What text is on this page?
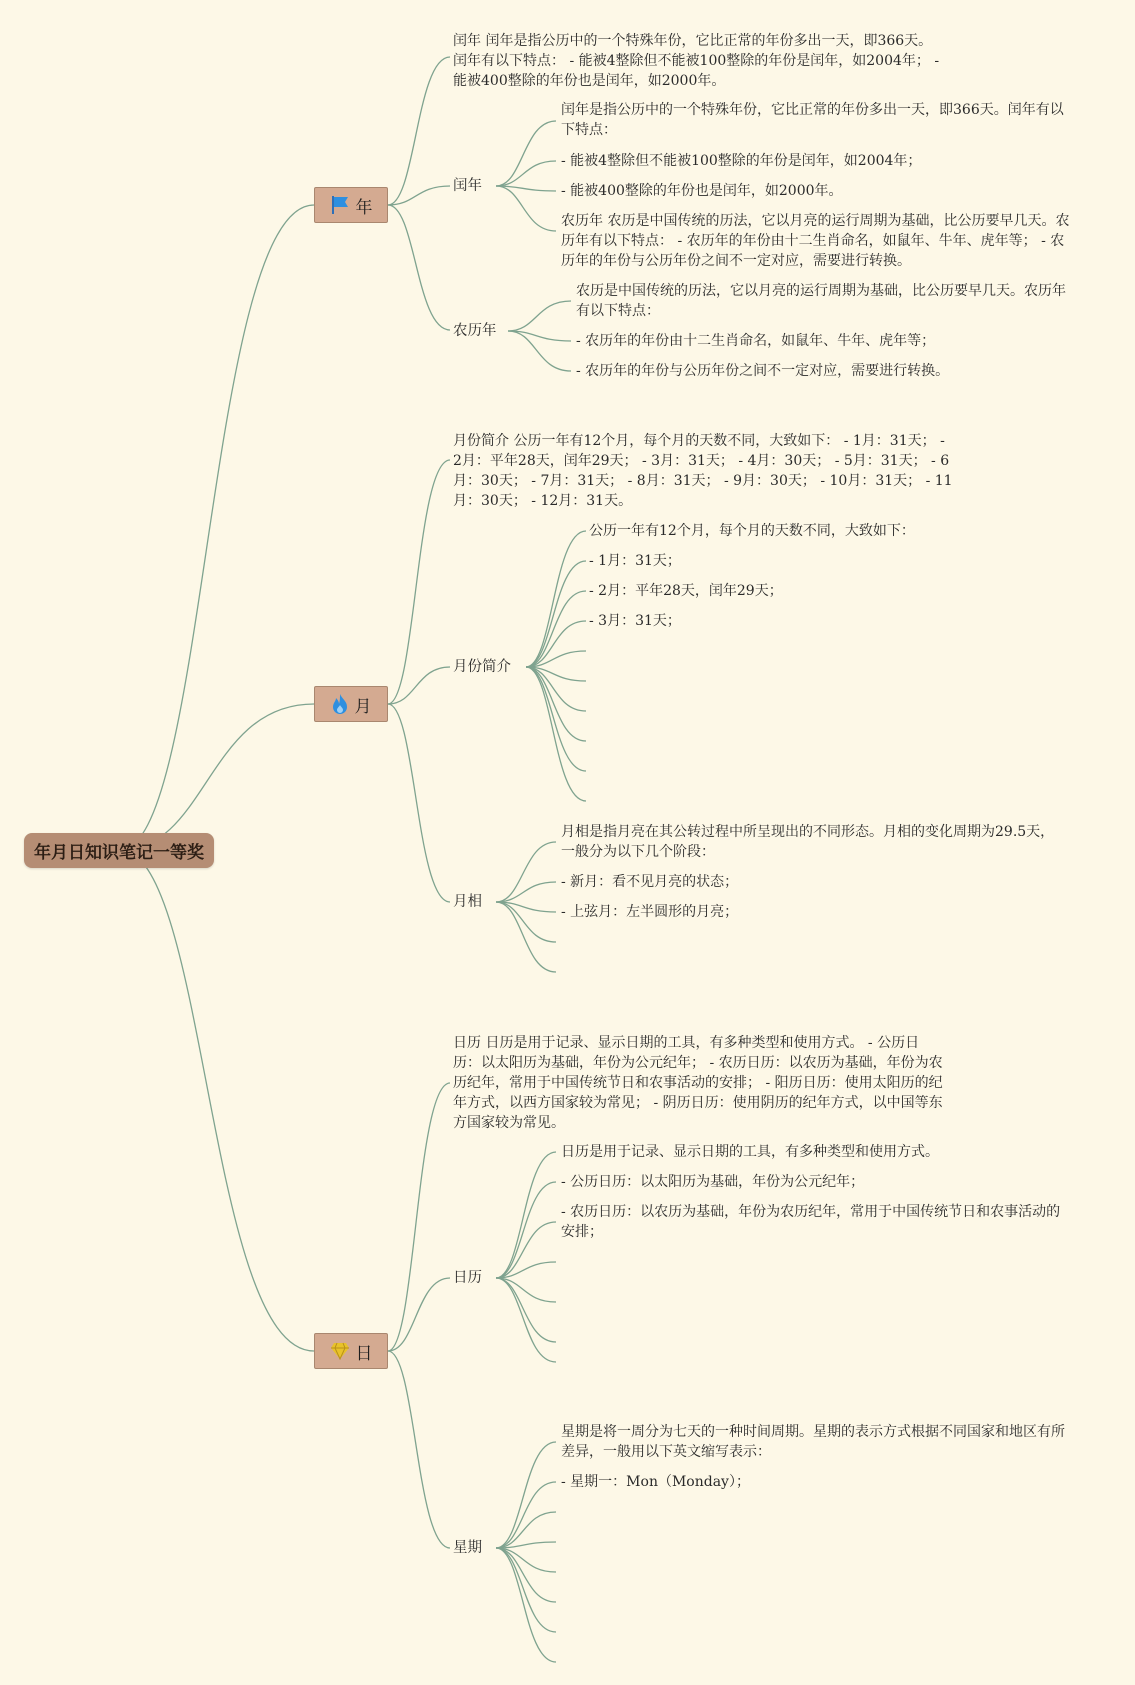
年月日知识笔记一等奖
年
闰年 闰年是指公历中的一个特殊年份，它比正常的年份多出一天，即366天。闰年有以下特点： - 能被4整除但不能被100整除的年份是闰年，如2004年； - 能被400整除的年份也是闰年，如2000年。
闰年
闰年是指公历中的一个特殊年份，它比正常的年份多出一天，即366天。闰年有以下特点：
- 能被4整除但不能被100整除的年份是闰年，如2004年；
- 能被400整除的年份也是闰年，如2000年。
农历年 农历是中国传统的历法，它以月亮的运行周期为基础，比公历要早几天。农历年有以下特点： - 农历年的年份由十二生肖命名，如鼠年、牛年、虎年等； - 农历年的年份与公历年份之间不一定对应，需要进行转换。
农历年
农历是中国传统的历法，它以月亮的运行周期为基础，比公历要早几天。农历年有以下特点：
- 农历年的年份由十二生肖命名，如鼠年、牛年、虎年等；
- 农历年的年份与公历年份之间不一定对应，需要进行转换。
月
月份简介 公历一年有12个月，每个月的天数不同，大致如下： - 1月：31天； - 2月：平年28天，闰年29天； - 3月：31天； - 4月：30天； - 5月：31天； - 6月：30天； - 7月：31天； - 8月：31天； - 9月：30天； - 10月：31天； - 11月：30天； - 12月：31天。
月份简介
公历一年有12个月，每个月的天数不同，大致如下：
- 1月：31天；
- 2月：平年28天，闰年29天；
- 3月：31天；
月相
月相是指月亮在其公转过程中所呈现出的不同形态。月相的变化周期为29.5天，一般分为以下几个阶段：
- 新月：看不见月亮的状态；
- 上弦月：左半圆形的月亮；
日
日历 日历是用于记录、显示日期的工具，有多种类型和使用方式。 - 公历日历：以太阳历为基础，年份为公元纪年； - 农历日历：以农历为基础，年份为农历纪年，常用于中国传统节日和农事活动的安排； - 阳历日历：使用太阳历的纪年方式，以西方国家较为常见； - 阴历日历：使用阴历的纪年方式，以中国等东方国家较为常见。
日历
日历是用于记录、显示日期的工具，有多种类型和使用方式。
- 公历日历：以太阳历为基础，年份为公元纪年；
- 农历日历：以农历为基础，年份为农历纪年，常用于中国传统节日和农事活动的安排；
星期
星期是将一周分为七天的一种时间周期。星期的表示方式根据不同国家和地区有所差异，一般用以下英文缩写表示：
- 星期一：Mon（Monday）；
